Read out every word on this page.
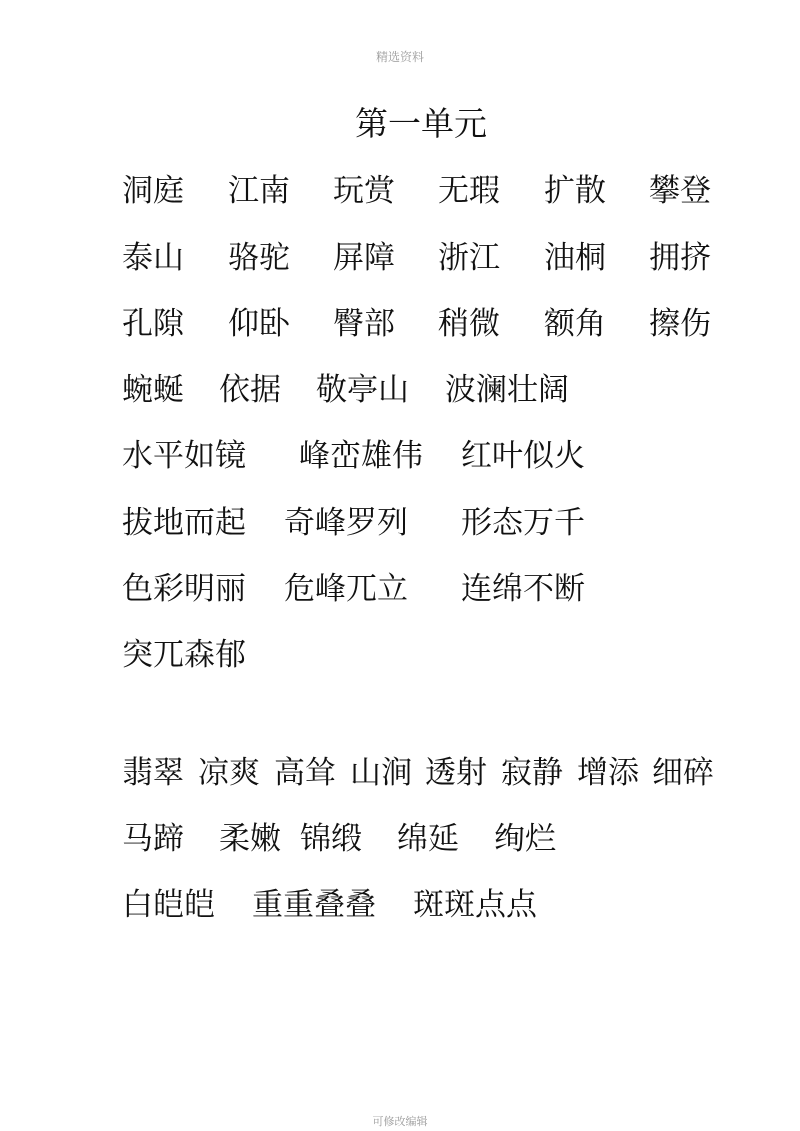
精选资料
第一单元
洞庭 江南 玩赏 无瑕 扩散 攀登
泰山 骆驼 屏障 浙江 油桐 拥挤
孔隙 仰卧 臀部 稍微 额角 擦伤
蜿蜒 依据 敬亭山 波澜壮阔
水平如镜 峰峦雄伟 红叶似火
拔地而起 奇峰罗列 形态万千
色彩明丽 危峰兀立 连绵不断
突兀森郁
翡翠 凉爽 高耸 山涧 透射 寂静 增添 细碎
马蹄 柔嫩 锦缎 绵延 绚烂
白皑皑 重重叠叠 斑斑点点
可修改编辑
